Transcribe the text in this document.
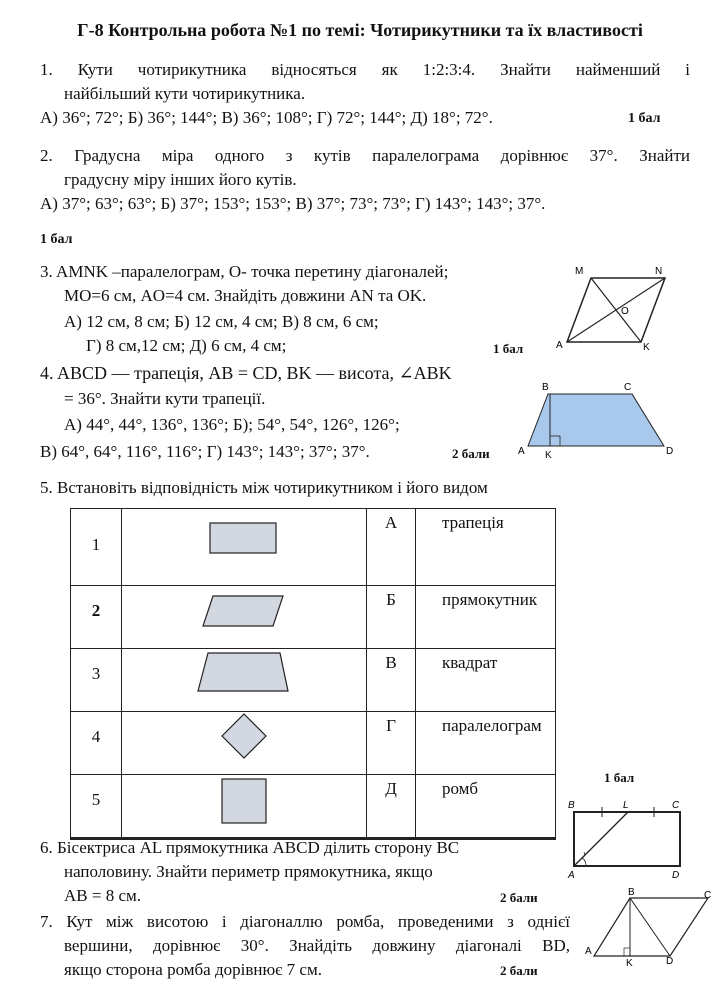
Г-8 Контрольна робота №1 по темі: Чотирикутники та їх властивості
1. Кути чотирикутника відносяться як 1:2:3:4. Знайти найменший і
найбільший кути чотирикутника.
А) 36°; 72°; Б) 36°; 144°; В) 36°; 108°; Г) 72°; 144°; Д) 18°; 72°.	1 бал
2. Градусна міра одного з кутів паралелограма дорівнює 37°. Знайти
градусну міру інших його кутів.
А) 37°; 63°; 63°; Б) 37°; 153°; 153°; В) 37°; 73°; 73°; Г) 143°; 143°; 37°.
1 бал
3. AMNK –паралелограм, О- точка перетину діагоналей;
MO=6 см, AO=4 см. Знайдіть довжини AN та OK.
А) 12 см, 8 см; Б) 12 см, 4 см; В) 8 см, 6 см;
Г) 8 см,12 см; Д) 6 см, 4 см;	1 бал
M	N
O
A	K
4. ABCD — трапеція, AB = CD, BK — висота, ∠ABK
= 36°. Знайти кути трапеції.
А) 44°, 44°, 136°, 136°; Б); 54°, 54°, 126°, 126°;
В) 64°, 64°, 116°, 116°; Г) 143°; 143°; 37°; 37°.	2 бали
B	C
A K	D
5. Встановіть відповідність між чотирикутником і його видом
1		А	трапеція
2		Б	прямокутник
3		В	квадрат
4		Г	паралелограм
5		Д	ромб
1 бал
B	L	C
A	D
6. Бісектриса AL прямокутника ABCD ділить сторону BC
наполовину. Знайти периметр прямокутника, якщо
AB = 8 см.	2 бали
7. Кут між висотою і діагоналлю ромба, проведеними з однієї
вершини, дорівнює 30°. Знайдіть довжину діагоналі BD,
якщо сторона ромба дорівнює 7 см.	2 бали
B	C
A
K	D
